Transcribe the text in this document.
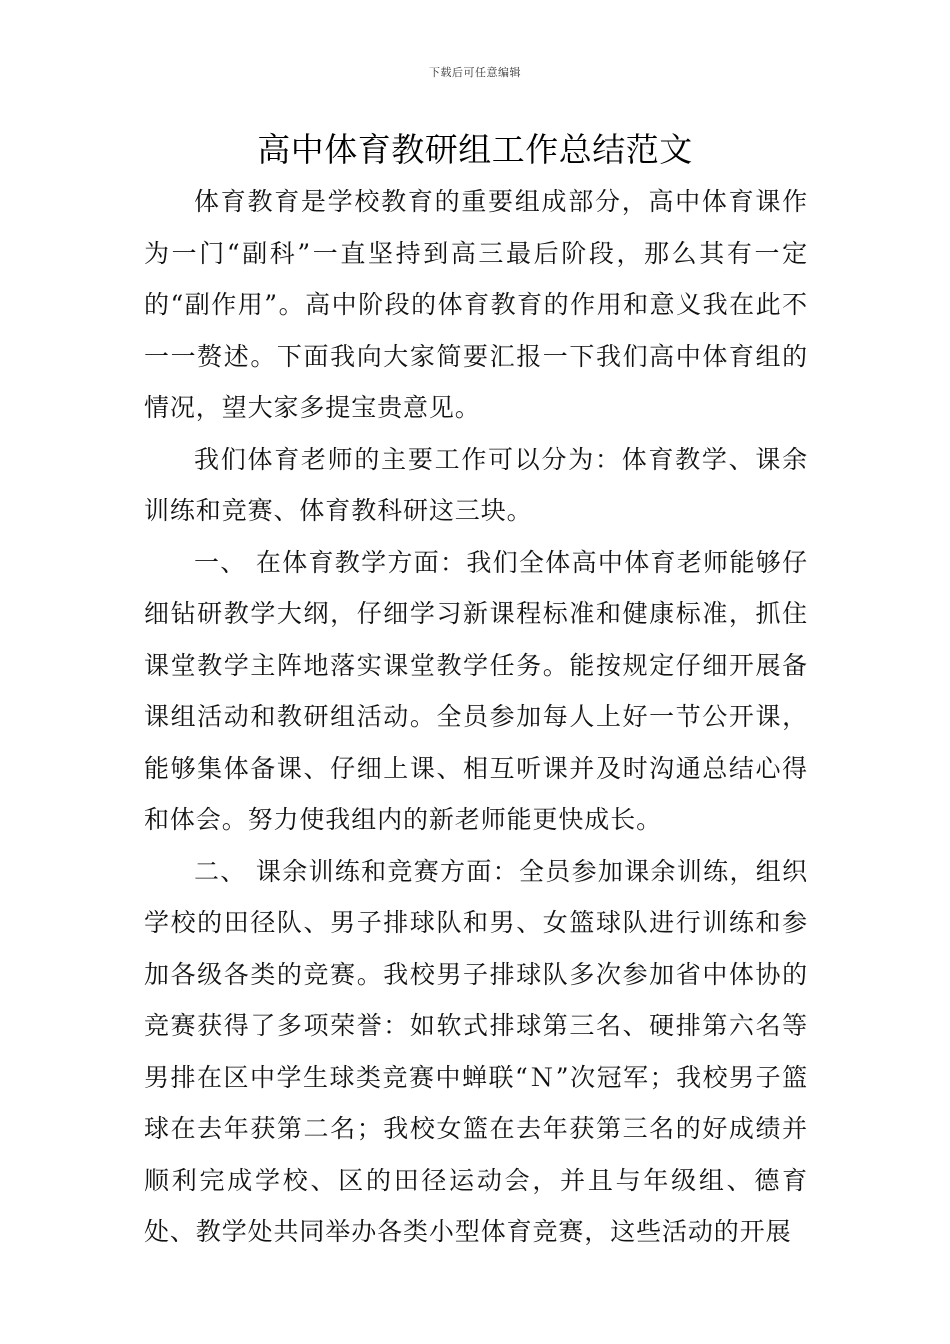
下载后可任意编辑
高中体育教研组工作总结范文

体育教育是学校教育的重要组成部分，高中体育课作为一门“副科”一直坚持到高三最后阶段，那么其有一定的“副作用”。高中阶段的体育教育的作用和意义我在此不一一赘述。下面我向大家简要汇报一下我们高中体育组的情况，望大家多提宝贵意见。

我们体育老师的主要工作可以分为：体育教学、课余训练和竞赛、体育教科研这三块。

一、 在体育教学方面：我们全体高中体育老师能够仔细钻研教学大纲，仔细学习新课程标准和健康标准，抓住课堂教学主阵地落实课堂教学任务。能按规定仔细开展备课组活动和教研组活动。全员参加每人上好一节公开课，能够集体备课、仔细上课、相互听课并及时沟通总结心得和体会。努力使我组内的新老师能更快成长。

二、 课余训练和竞赛方面：全员参加课余训练，组织学校的田径队、男子排球队和男、女篮球队进行训练和参加各级各类的竞赛。我校男子排球队多次参加省中体协的竞赛获得了多项荣誉：如软式排球第三名、硬排第六名等男排在区中学生球类竞赛中蝉联“Ｎ”次冠军；我校男子篮球在去年获第二名；我校女篮在去年获第三名的好成绩并顺利完成学校、区的田径运动会，并且与年级组、德育处、教学处共同举办各类小型体育竞赛，这些活动的开展
